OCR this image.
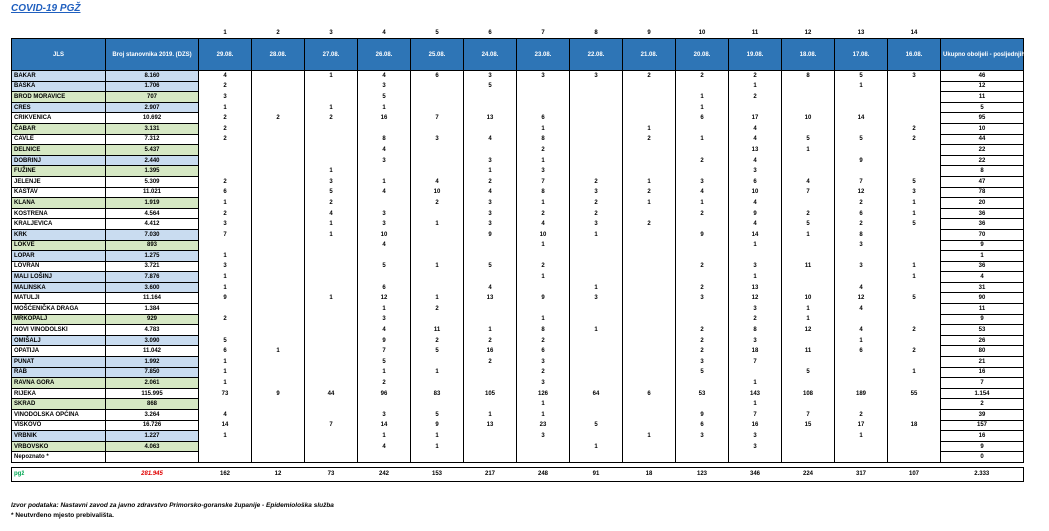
COVID-19 PGŽ
		1	2	3	4	5	6	7	8	9	10	11	12	13	14	
JLS	Broj stanovnika 2019. (DZS)	29.08.	28.08.	27.08.	26.08.	25.08.	24.08.	23.08.	22.08.	21.08.	20.08.	19.08.	18.08.	17.08.	16.08.	Ukupno oboljeli - posljednjih 14 dana
BAKAR	8.160	4		1	4	6	3	3	3	2	2	2	8	5	3	46
BAŠKA	1.706	2			3		5					1		1		12
BROD MORAVICE	707	3			5						1	2				11
CRES	2.907	1		1	1						1					5
CRIKVENICA	10.692	2	2	2	16	7	13	6			6	17	10	14		95
ČABAR	3.131	2						1		1		4			2	10
ČAVLE	7.312	2			8	3	4	8		2	1	4	5	5	2	44
DELNICE	5.437				4			2				13	1			22
DOBRINJ	2.440				3		3	1			2	4		9		22
FUŽINE	1.395			1			1	3				3				8
JELENJE	5.309	2		3	1	4	2	7	2	1	3	6	4	7	5	47
KASTAV	11.021	6		5	4	10	4	8	3	2	4	10	7	12	3	78
KLANA	1.919	1		2		2	3	1	2	1	1	4		2	1	20
KOSTRENA	4.564	2		4	3		3	2	2		2	9	2	6	1	36
KRALJEVICA	4.412	3		1	3	1	3	4	3	2		4	5	2	5	36
KRK	7.030	7		1	10		9	10	1		9	14	1	8		70
LOKVE	893				4			1				1		3		9
LOPAR	1.275	1														1
LOVRAN	3.721	3			5	1	5	2			2	3	11	3	1	36
MALI LOŠINJ	7.876	1						1				1			1	4
MALINSKA	3.600	1			6		4		1		2	13		4		31
MATULJI	11.164	9		1	12	1	13	9	3		3	12	10	12	5	90
MOŠĆENIČKA DRAGA	1.384				1	2						3	1	4		11
MRKOPALJ	929	2			3			1				2	1			9
NOVI VINODOLSKI	4.783				4	11	1	8	1		2	8	12	4	2	53
OMIŠALJ	3.090	5			9	2	2	2			2	3		1		26
OPATIJA	11.042	6	1		7	5	16	6			2	18	11	6	2	80
PUNAT	1.992	1			5		2	3			3	7				21
RAB	7.850	1			1	1		2			5		5		1	16
RAVNA GORA	2.061	1			2			3				1				7
RIJEKA	115.995	73	9	44	96	83	105	126	64	6	53	143	108	189	55	1.154
SKRAD	868							1				1				2
VINODOLSKA OPĆINA	3.264	4			3	5	1	1			9	7	7	2		39
VIŠKOVO	16.726	14		7	14	9	13	23	5		6	16	15	17	18	157
VRBNIK	1.227	1			1	1		3		1	3	3		1		16
VRBOVSKO	4.063				4	1			1			3				9
Nepoznato *																0

pgž	281.945	162	12	73	242	153	217	248	91	18	123	346	224	317	107	2.333
Izvor podataka: Nastavni zavod za javno zdravstvo Primorsko-goranske županije - Epidemiološka služba
* Neutvrđeno mjesto prebivališta.
